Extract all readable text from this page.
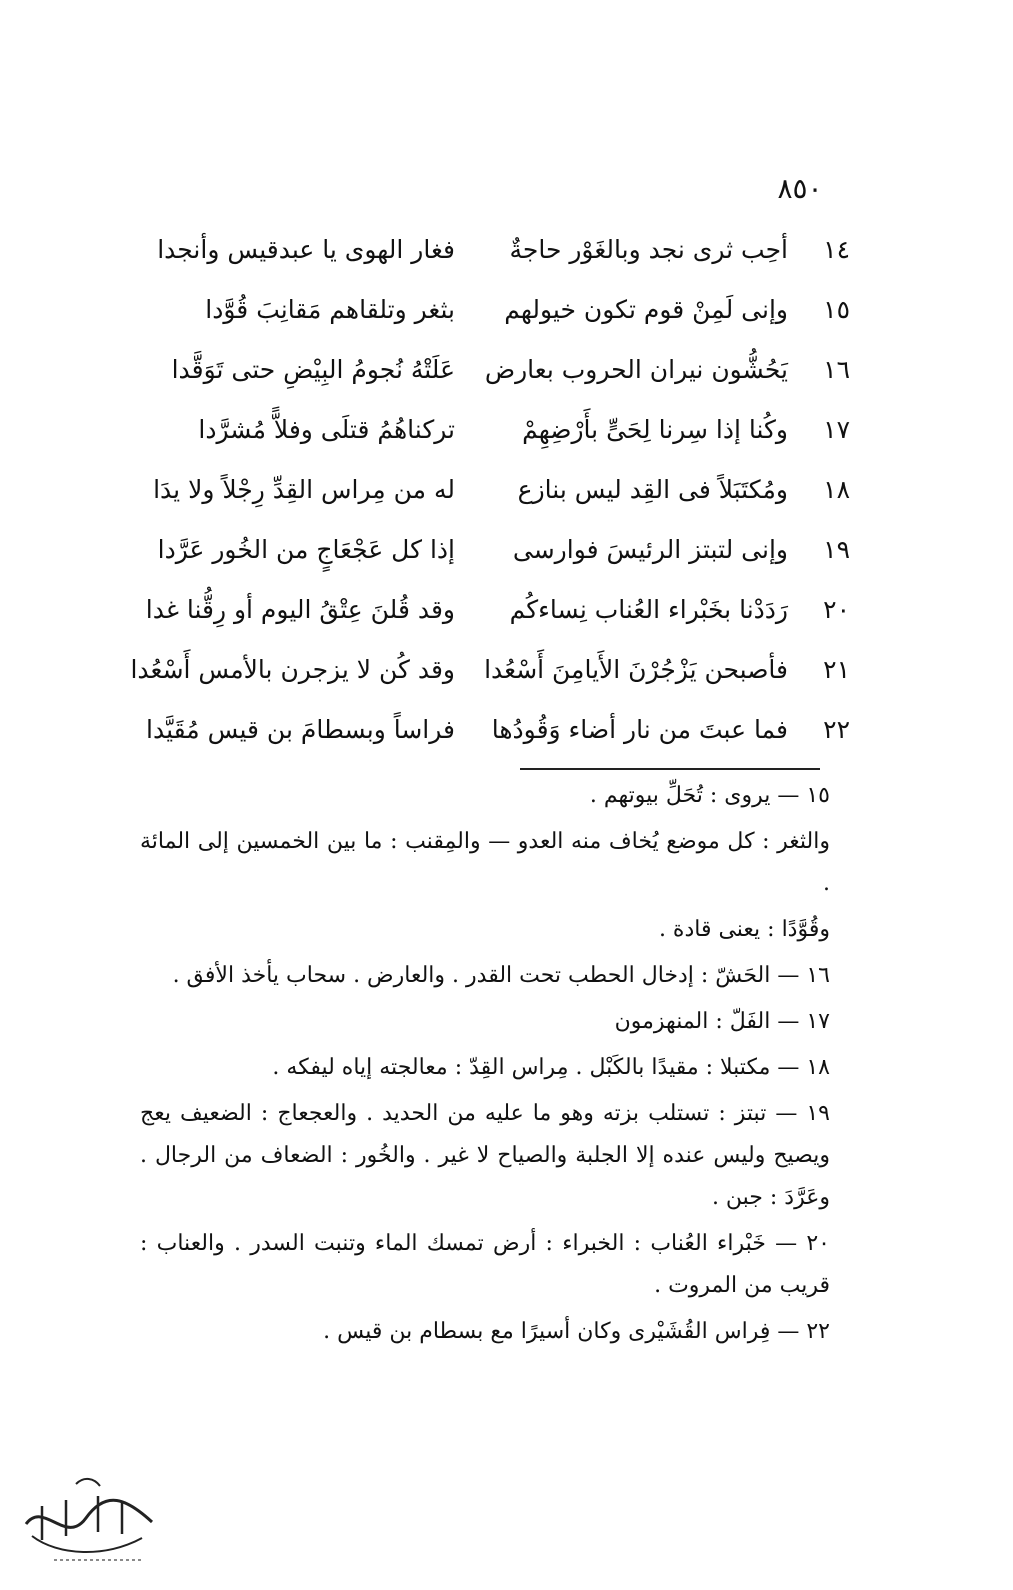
٨٥٠
١٤
أحِب ثرى نجد وبالغَوْر حاجةٌ
فغار الهوى يا عبدقيس وأنجدا
١٥
وإنى لَمِنْ قوم تكون خيولهم
بثغر وتلقاهم مَقانِبَ قُوَّدا
١٦
يَحُشُّون نيران الحروب بعارض
عَلَتْهُ نُجومُ البِيْضِ حتى تَوَقَّدا
١٧
وكُنا إذا سِرنا لِحَىٍّ بأَرْضِهِمْ
تركناهُمُ قتلَى وفلاًّ مُشرَّدا
١٨
ومُكتَبَلاً فى القِد ليس بنازع
له من مِراس القِدِّ رِجْلاً ولا يدَا
١٩
وإنى لتبتز الرئيسَ فوارسى
إذا كل عَجْعَاجٍ من الخُور عَرَّدا
٢٠
رَدَدْنا بخَبْراء العُناب نِساءكُم
وقد قُلنَ عِتْقُ اليوم أو رِقُّنا غدا
٢١
فأصبحن يَزْجُرْنَ الأَيامِنَ أَسْعُدا
وقد كُن لا يزجرن بالأمس أَسْعُدا
٢٢
فما عبتَ من نار أضاء وَقُودُها
فراساً وبسطامَ بن قيس مُقَيَّدا

١٥ — يروى : تُحَلِّ بيوتهم .

والثغر : كل موضع يُخاف منه العدو — والمِقنب : ما بين الخمسين إلى المائة .

وقُوَّدًا : يعنى قادة .

١٦ — الحَشّ : إدخال الحطب تحت القدر . والعارض . سحاب يأخذ الأفق .

١٧ — الفَلّ : المنهزمون

١٨ — مكتبلا : مقيدًا بالكَبْل . مِراس القِدّ : معالجته إياه ليفكه .

١٩ — تبتز : تستلب بزته وهو ما عليه من الحديد . والعجعاج : الضعيف يعج ويصيح وليس عنده إلا الجلبة والصياح لا غير . والخُور : الضعاف من الرجال . وعَرَّدَ : جبن .

٢٠ — خَبْراء العُناب : الخبراء : أرض تمسك الماء وتنبت السدر . والعناب : قريب من المروت .

٢٢ — فِراس القُشَيْرى وكان أسيرًا مع بسطام بن قيس .
